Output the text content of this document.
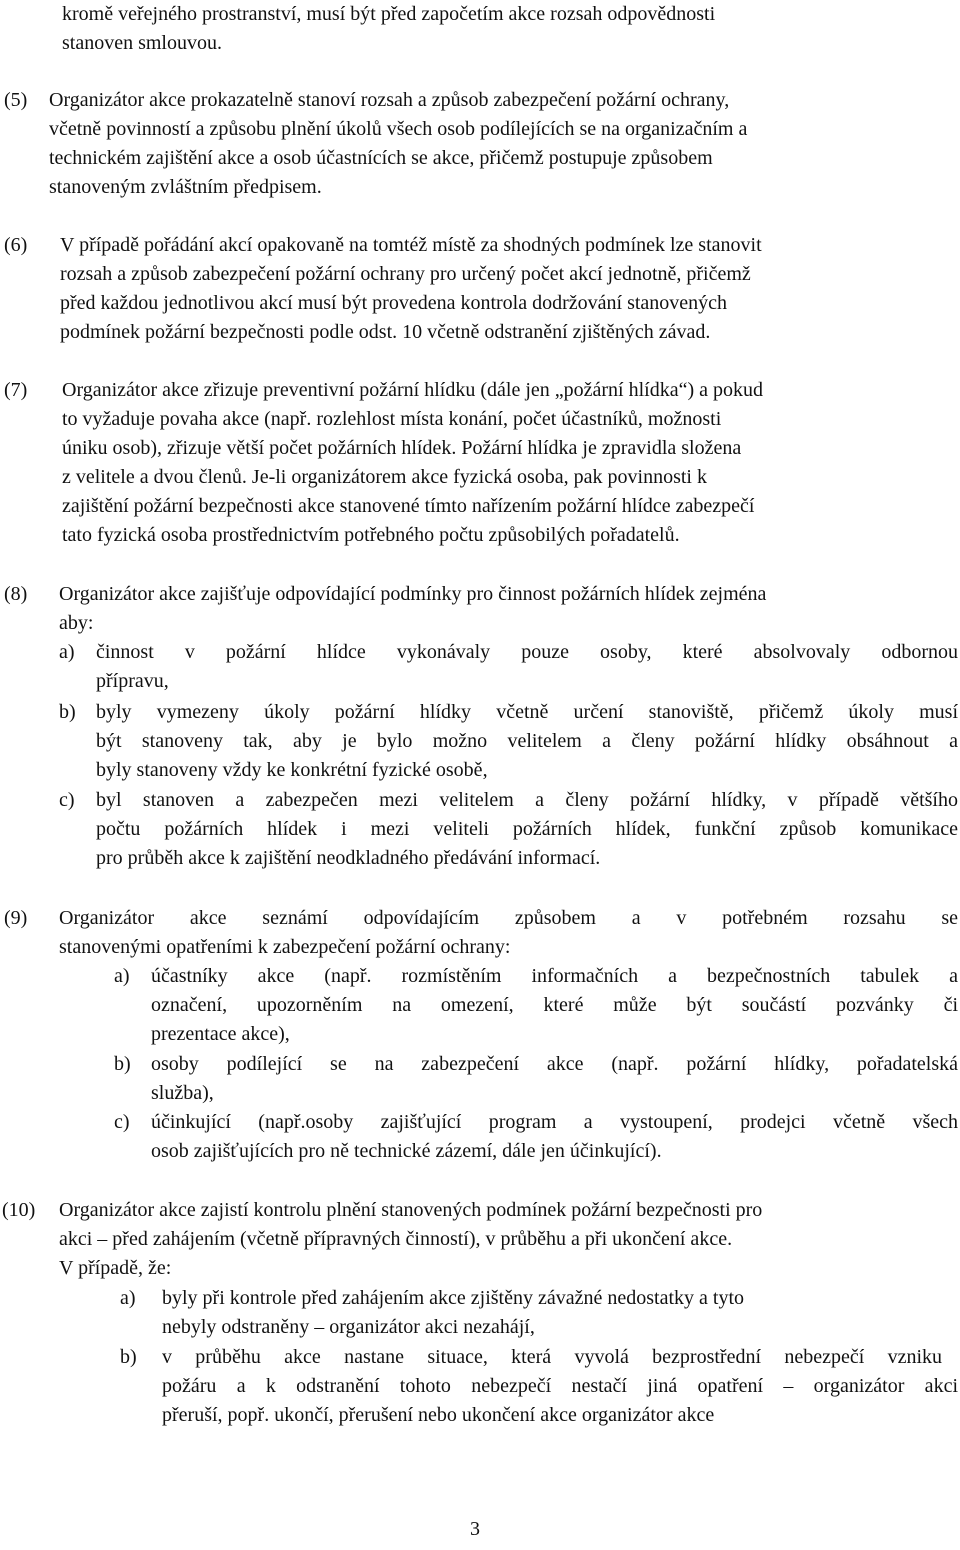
kromě veřejného prostranství, musí být před započetím akce rozsah odpovědnosti
stanoven smlouvou.
(5) Organizátor akce prokazatelně stanoví rozsah a způsob zabezpečení požární ochrany,
včetně povinností a způsobu plnění úkolů všech osob podílejících se na organizačním a
technickém zajištění akce a osob účastnících se akce, přičemž postupuje způsobem
stanoveným zvláštním předpisem.
(6) V případě pořádání akcí opakovaně na tomtéž místě za shodných podmínek lze stanovit
rozsah a způsob zabezpečení požární ochrany pro určený počet akcí jednotně, přičemž
před každou jednotlivou akcí musí být provedena kontrola dodržování stanovených
podmínek požární bezpečnosti podle odst. 10 včetně odstranění zjištěných závad.
(7) Organizátor akce zřizuje preventivní požární hlídku (dále jen „požární hlídka“) a pokud
to vyžaduje povaha akce (např. rozlehlost místa konání, počet účastníků, možnosti
úniku osob), zřizuje větší počet požárních hlídek. Požární hlídka je zpravidla složena
z velitele a dvou členů. Je-li organizátorem akce fyzická osoba, pak povinnosti k
zajištění požární bezpečnosti akce stanovené tímto nařízením požární hlídce zabezpečí
tato fyzická osoba prostřednictvím potřebného počtu způsobilých pořadatelů.
(8) Organizátor akce zajišťuje odpovídající podmínky pro činnost požárních hlídek zejména
aby:
a) činnost v požární hlídce vykonávaly pouze osoby, které absolvovaly odbornou
přípravu,
b) byly vymezeny úkoly požární hlídky včetně určení stanoviště, přičemž úkoly musí
být stanoveny tak, aby je bylo možno velitelem a členy požární hlídky obsáhnout a
byly stanoveny vždy ke konkrétní fyzické osobě,
c) byl stanoven a zabezpečen mezi velitelem a členy požární hlídky, v případě většího
počtu požárních hlídek i mezi veliteli požárních hlídek, funkční způsob komunikace
pro průběh akce k zajištění neodkladného předávání informací.
(9) Organizátor akce seznámí odpovídajícím způsobem a v potřebném rozsahu se
stanovenými opatřeními k zabezpečení požární ochrany:
a) účastníky akce (např. rozmístěním informačních a bezpečnostních tabulek a
označení, upozorněním na omezení, které může být součástí pozvánky či
prezentace akce),
b) osoby podílející se na zabezpečení akce (např. požární hlídky, pořadatelská
služba),
c) účinkující (např.osoby zajišťující program a vystoupení, prodejci včetně všech
osob zajišťujících pro ně technické zázemí, dále jen účinkující).
(10) Organizátor akce zajistí kontrolu plnění stanovených podmínek požární bezpečnosti pro
akci – před zahájením (včetně přípravných činností), v průběhu a při ukončení akce.
V případě, že:
a) byly při kontrole před zahájením akce zjištěny závažné nedostatky a tyto
nebyly odstraněny – organizátor akci nezahájí,
b) v průběhu akce nastane situace, která vyvolá bezprostřední nebezpečí vzniku
požáru a k odstranění tohoto nebezpečí nestačí jiná opatření – organizátor akci
přeruší, popř. ukončí, přerušení nebo ukončení akce organizátor akce
3
